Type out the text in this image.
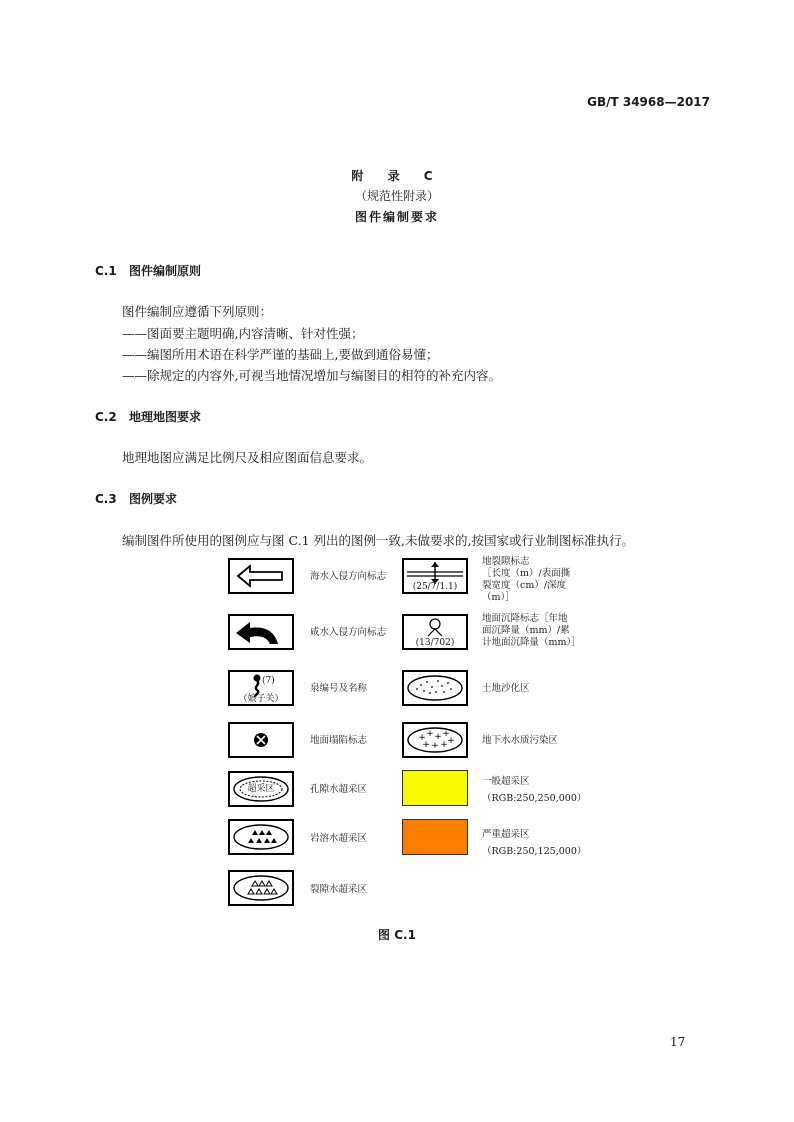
GB/T 34968—2017
附 录 C
（规范性附录）
图件编制要求
C.1 图件编制原则
图件编制应遵循下列原则：
——图面要主题明确,内容清晰、针对性强；
——编图所用术语在科学严谨的基础上,要做到通俗易懂；
——除规定的内容外,可视当地情况增加与编图目的相符的补充内容。
C.2 地理地图要求
地理地图应满足比例尺及相应图面信息要求。
C.3 图例要求
编制图件所使用的图例应与图 C.1 列出的图例一致,未做要求的,按国家或行业制图标准执行。
海水入侵方向标志
(25/7/1.1)
地裂隙标志
［长度（m）/表面撕
裂宽度（cm）/深度
（m）］
咸水入侵方向标志
(13/702)
地面沉降标志［年地
面沉降量（mm）/累
计地面沉降量（mm）］
(7)
（娘子关）
泉编号及名称	土地沙化区
地面塌陷标志	+ + + +
+ + + +	地下水水质污染区
超采区	孔隙水超采区
一般超采区
（RGB:250,250,000）
岩溶水超采区	严重超采区
（RGB:250,125,000）
裂隙水超采区
图 C.1
17
